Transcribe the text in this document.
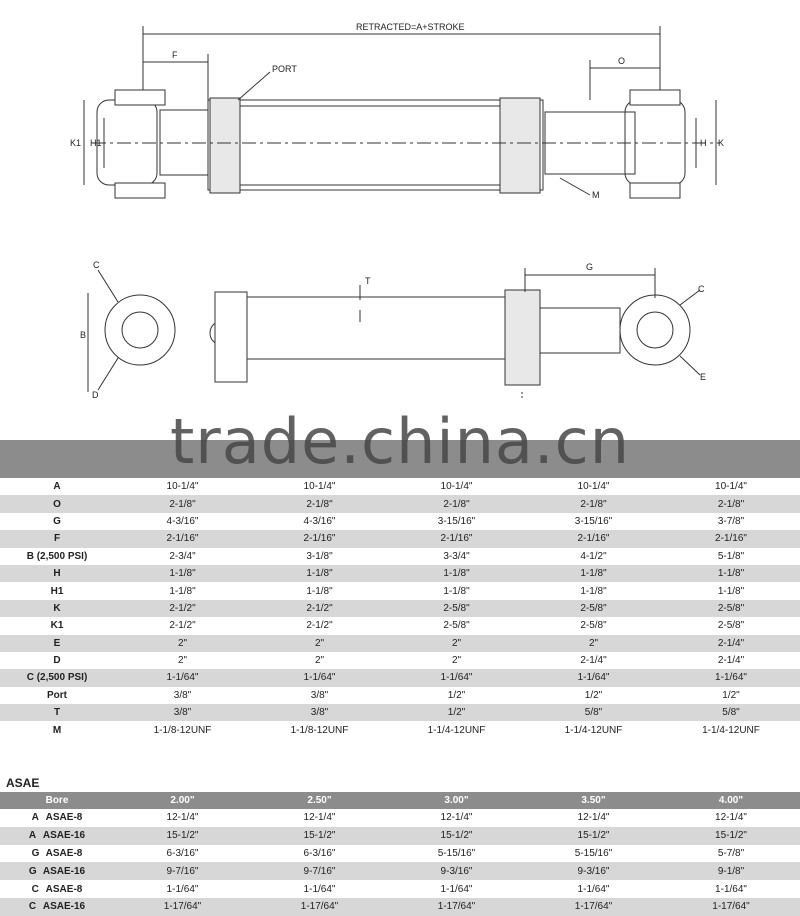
RETRACTED=A+STROKE
F
PORT
O
K1 H1	H K
M
C
B
D
T
G
C
E
trade.china.cn

A	10-1/4"	10-1/4"	10-1/4"	10-1/4"	10-1/4"
O	2-1/8"	2-1/8"	2-1/8"	2-1/8"	2-1/8"
G	4-3/16"	4-3/16"	3-15/16"	3-15/16"	3-7/8"
F	2-1/16"	2-1/16"	2-1/16"	2-1/16"	2-1/16"
B (2,500 PSI)	2-3/4"	3-1/8"	3-3/4"	4-1/2"	5-1/8"
H	1-1/8"	1-1/8"	1-1/8"	1-1/8"	1-1/8"
H1	1-1/8"	1-1/8"	1-1/8"	1-1/8"	1-1/8"
K	2-1/2"	2-1/2"	2-5/8"	2-5/8"	2-5/8"
K1	2-1/2"	2-1/2"	2-5/8"	2-5/8"	2-5/8"
E	2"	2"	2"	2"	2-1/4"
D	2"	2"	2"	2-1/4"	2-1/4"
C (2,500 PSI)	1-1/64"	1-1/64"	1-1/64"	1-1/64"	1-1/64"
Port	3/8"	3/8"	1/2"	1/2"	1/2"
T	3/8"	3/8"	1/2"	5/8"	5/8"
M	1-1/8-12UNF	1-1/8-12UNF	1-1/4-12UNF	1-1/4-12UNF	1-1/4-12UNF
ASAE
Bore	2.00"	2.50"	3.00"	3.50"	4.00"
A ASAE-8	12-1/4"	12-1/4"	12-1/4"	12-1/4"	12-1/4"
A ASAE-16	15-1/2"	15-1/2"	15-1/2"	15-1/2"	15-1/2"
G ASAE-8	6-3/16"	6-3/16"	5-15/16"	5-15/16"	5-7/8"
G ASAE-16	9-7/16"	9-7/16"	9-3/16"	9-3/16"	9-1/8"
C ASAE-8	1-1/64"	1-1/64"	1-1/64"	1-1/64"	1-1/64"
C ASAE-16	1-17/64"	1-17/64"	1-17/64"	1-17/64"	1-17/64"
